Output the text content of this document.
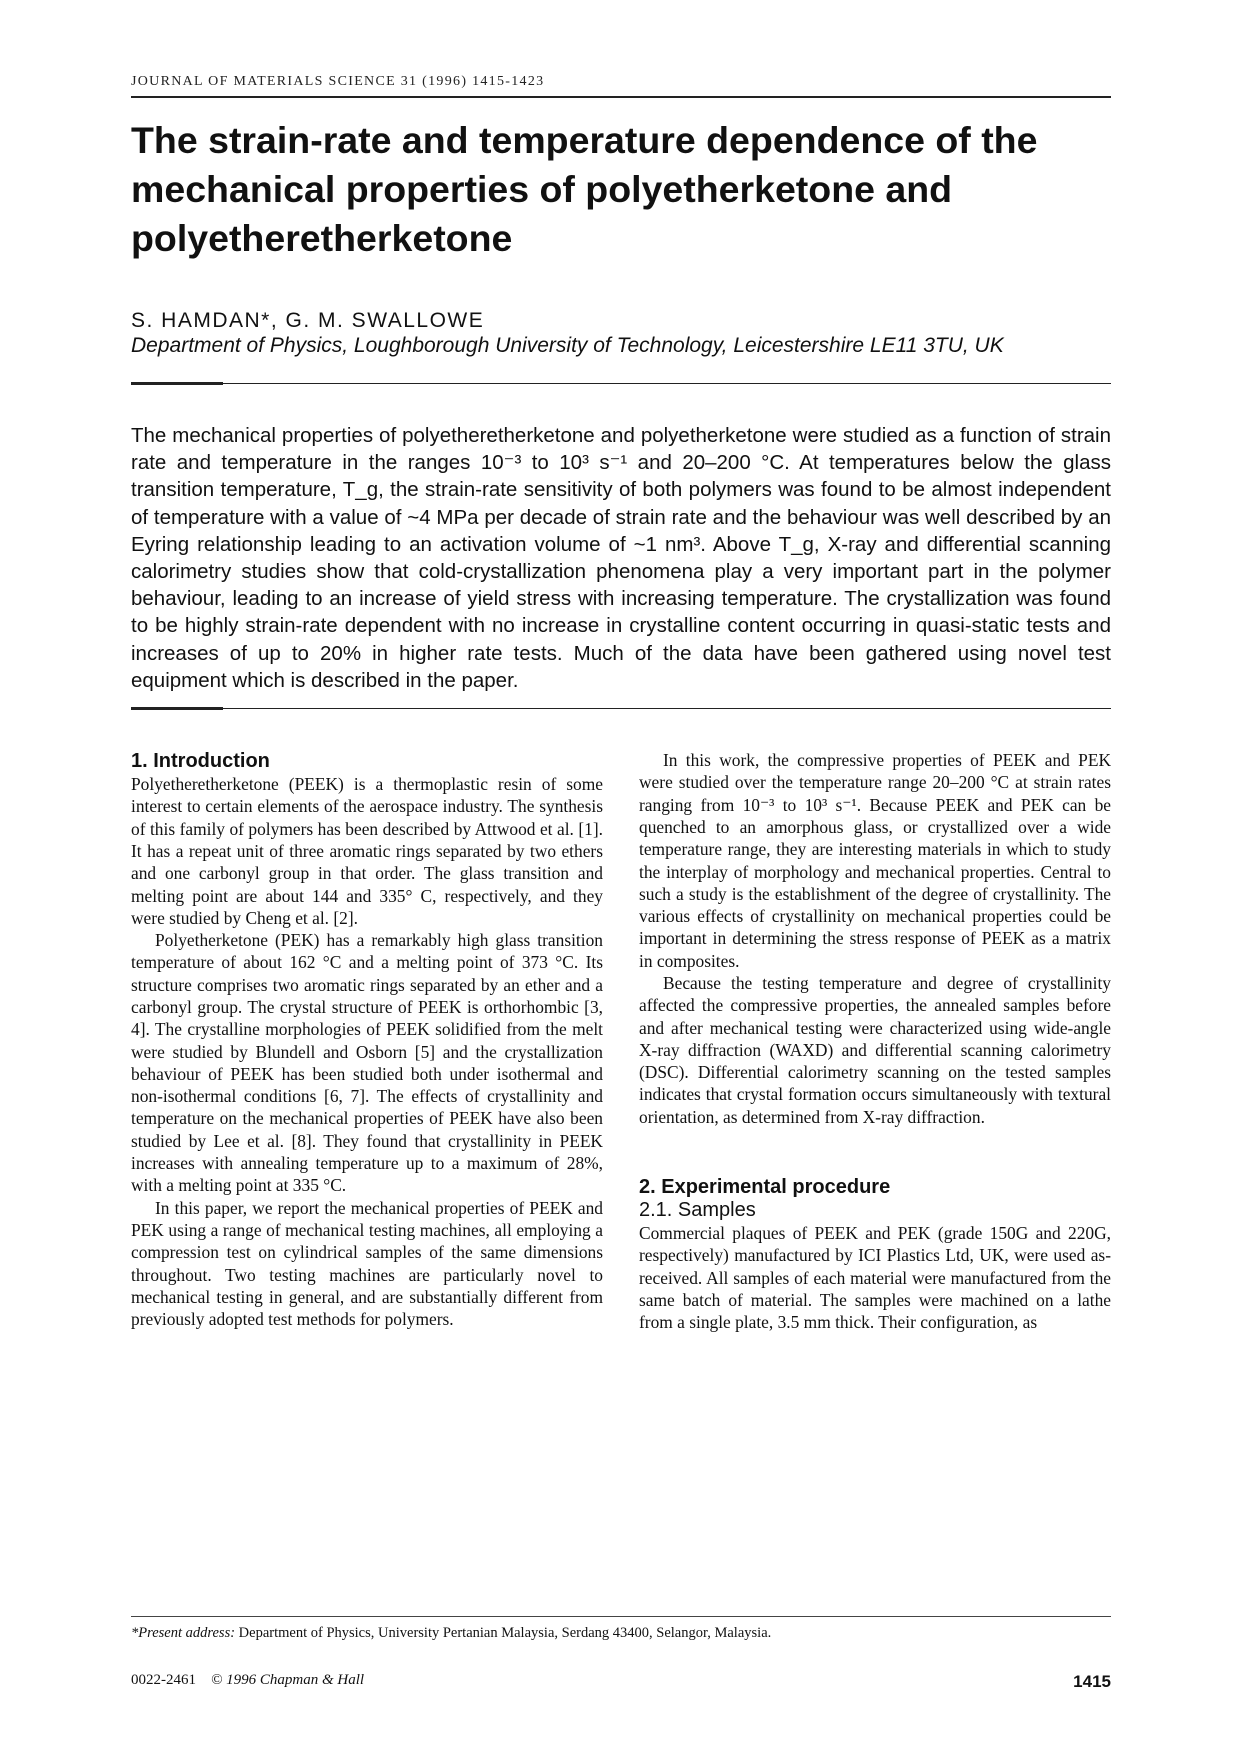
JOURNAL OF MATERIALS SCIENCE 31 (1996) 1415-1423
The strain-rate and temperature dependence of the mechanical properties of polyetherketone and polyetheretherketone
S. HAMDAN*, G. M. SWALLOWE
Department of Physics, Loughborough University of Technology, Leicestershire LE11 3TU, UK

The mechanical properties of polyetheretherketone and polyetherketone were studied as a function of strain rate and temperature in the ranges 10⁻³ to 10³ s⁻¹ and 20–200 °C. At temperatures below the glass transition temperature, T_g, the strain-rate sensitivity of both polymers was found to be almost independent of temperature with a value of ~4 MPa per decade of strain rate and the behaviour was well described by an Eyring relationship leading to an activation volume of ~1 nm³. Above T_g, X-ray and differential scanning calorimetry studies show that cold-crystallization phenomena play a very important part in the polymer behaviour, leading to an increase of yield stress with increasing temperature. The crystallization was found to be highly strain-rate dependent with no increase in crystalline content occurring in quasi-static tests and increases of up to 20% in higher rate tests. Much of the data have been gathered using novel test equipment which is described in the paper.

1. Introduction

Polyetheretherketone (PEEK) is a thermoplastic resin of some interest to certain elements of the aerospace industry. The synthesis of this family of polymers has been described by Attwood et al. [1]. It has a repeat unit of three aromatic rings separated by two ethers and one carbonyl group in that order. The glass transition and melting point are about 144 and 335° C, respectively, and they were studied by Cheng et al. [2].

Polyetherketone (PEK) has a remarkably high glass transition temperature of about 162 °C and a melting point of 373 °C. Its structure comprises two aromatic rings separated by an ether and a carbonyl group. The crystal structure of PEEK is orthorhombic [3, 4]. The crystalline morphologies of PEEK solidified from the melt were studied by Blundell and Osborn [5] and the crystallization behaviour of PEEK has been studied both under isothermal and non-isothermal conditions [6, 7]. The effects of crystallinity and temperature on the mechanical properties of PEEK have also been studied by Lee et al. [8]. They found that crystallinity in PEEK increases with annealing temperature up to a maximum of 28%, with a melting point at 335 °C.

In this paper, we report the mechanical properties of PEEK and PEK using a range of mechanical testing machines, all employing a compression test on cylindrical samples of the same dimensions throughout. Two testing machines are particularly novel to mechanical testing in general, and are substantially different from previously adopted test methods for polymers.

In this work, the compressive properties of PEEK and PEK were studied over the temperature range 20–200 °C at strain rates ranging from 10⁻³ to 10³ s⁻¹. Because PEEK and PEK can be quenched to an amorphous glass, or crystallized over a wide temperature range, they are interesting materials in which to study the interplay of morphology and mechanical properties. Central to such a study is the establishment of the degree of crystallinity. The various effects of crystallinity on mechanical properties could be important in determining the stress response of PEEK as a matrix in composites.

Because the testing temperature and degree of crystallinity affected the compressive properties, the annealed samples before and after mechanical testing were characterized using wide-angle X-ray diffraction (WAXD) and differential scanning calorimetry (DSC). Differential calorimetry scanning on the tested samples indicates that crystal formation occurs simultaneously with textural orientation, as determined from X-ray diffraction.

2. Experimental procedure
2.1. Samples

Commercial plaques of PEEK and PEK (grade 150G and 220G, respectively) manufactured by ICI Plastics Ltd, UK, were used as-received. All samples of each material were manufactured from the same batch of material. The samples were machined on a lathe from a single plate, 3.5 mm thick. Their configuration, as

*Present address: Department of Physics, University Pertanian Malaysia, Serdang 43400, Selangor, Malaysia.
0022-2461 © 1996 Chapman & Hall	1415
